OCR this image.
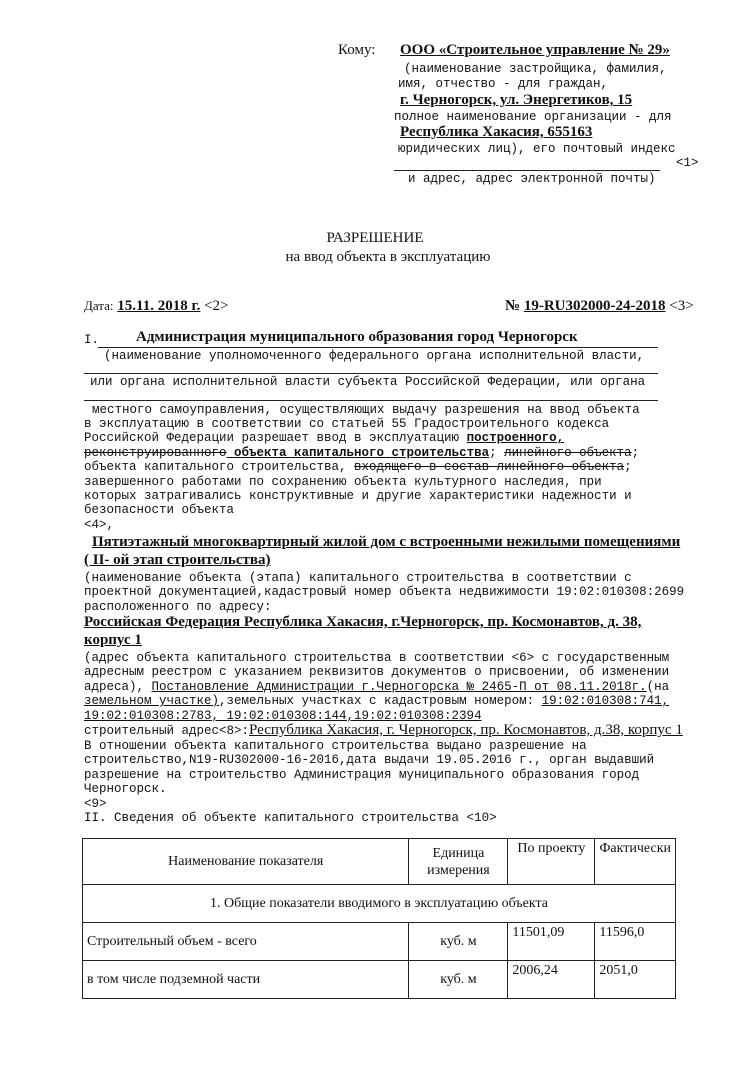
Кому: ООО «Строительное управление № 29»
(наименование застройщика, фамилия,
имя, отчество - для граждан,
г. Черногорск, ул. Энергетиков, 15
полное наименование организации - для
Республика Хакасия, 655163
юридических лиц), его почтовый индекс
<1>
и адрес, адрес электронной почты)
РАЗРЕШЕНИЕ
на ввод объекта в эксплуатацию
Дата: 15.11. 2018 г. <2>	№ 19-RU302000-24-2018 <3>
I. Администрация муниципального образования город Черногорск
(наименование уполномоченного федерального органа исполнительной власти,
или органа исполнительной власти субъекта Российской Федерации, или органа
местного самоуправления, осуществляющих выдачу разрешения на ввод объекта
в эксплуатацию в соответствии со статьей 55 Градостроительного кодекса
Российской Федерации разрешает ввод в эксплуатацию построенного,
реконструированного объекта капитального строительства; линейного объекта;
объекта капитального строительства, входящего в состав линейного объекта;
завершенного работами по сохранению объекта культурного наследия, при
которых затрагивались конструктивные и другие характеристики надежности и
безопасности объекта
<4>,
Пятиэтажный многоквартирный жилой дом с встроенными нежилыми помещениями
( II- ой этап строительства)
(наименование объекта (этапа) капитального строительства в соответствии с
проектной документацией,кадастровый номер объекта недвижимости 19:02:010308:2699
расположенного по адресу:
Российская Федерация Республика Хакасия, г.Черногорск, пр. Космонавтов, д. 38,
корпус 1
(адрес объекта капитального строительства в соответствии <6> с государственным
адресным реестром с указанием реквизитов документов о присвоении, об изменении
адреса), Постановление Администрации г.Черногорска № 2465-П от 08.11.2018г.(на
земельном участке),земельных участках с кадастровым номером: 19:02:010308:741,
19:02:010308:2783, 19:02:010308:144,19:02:010308:2394
строительный адрес<8>:Республика Хакасия, г. Черногорск, пр. Космонавтов, д.38, корпус 1
В отношении объекта капитального строительства выдано разрешение на
строительство,N19-RU302000-16-2016,дата выдачи 19.05.2016 г., орган выдавший
разрешение на строительство Администрация муниципального образования город
Черногорск.
<9>
II. Сведения об объекте капитального строительства <10>
Наименование показателя	Единица измерения	По проекту	Фактически
1. Общие показатели вводимого в эксплуатацию объекта			
Строительный объем - всего	куб. м	11501,09	11596,0
в том числе подземной части	куб. м	2006,24	2051,0
